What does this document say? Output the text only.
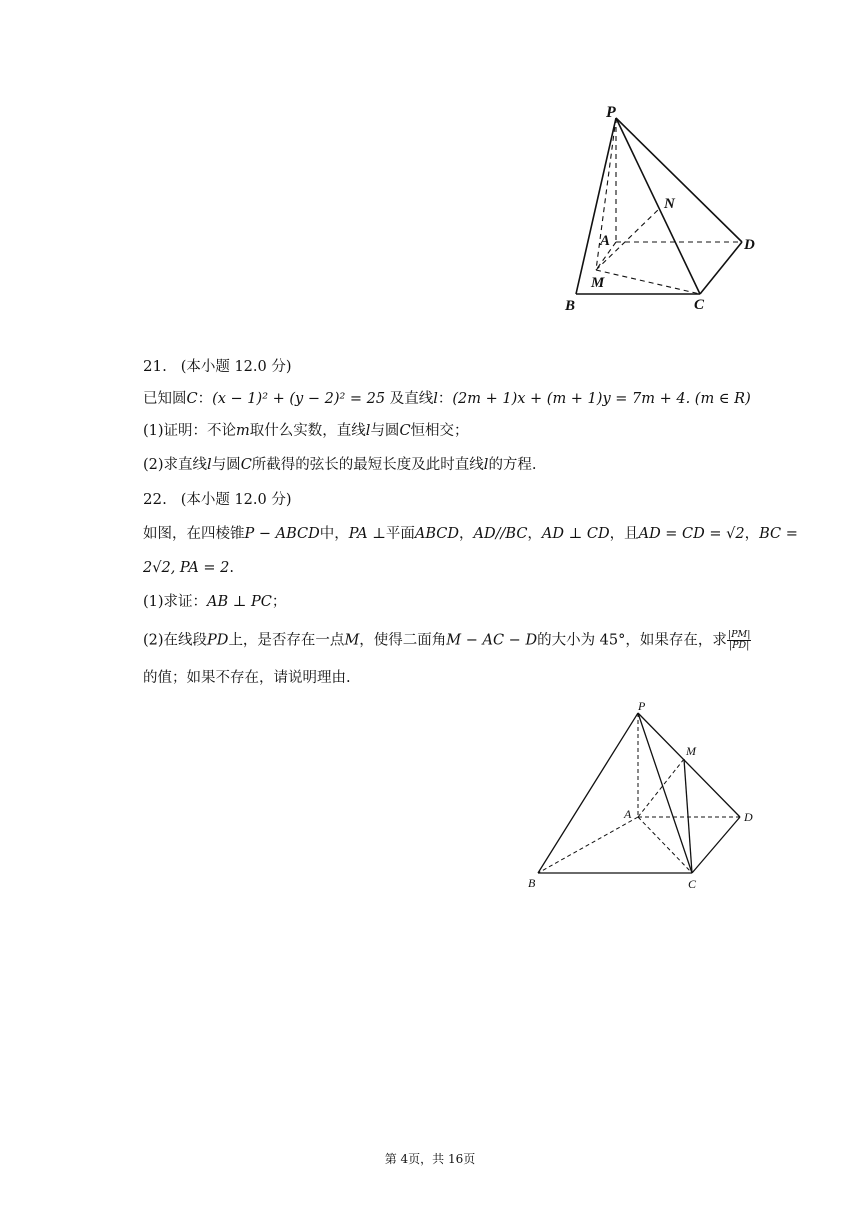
P
N
A	D
M
B	C
21. (本小题 12.0 分)
已知圆C：(x − 1)² + (y − 2)² = 25 及直线l：(2m + 1)x + (m + 1)y = 7m + 4. (m ∈ R)
(1)证明：不论m取什么实数，直线l与圆C恒相交；
(2)求直线l与圆C所截得的弦长的最短长度及此时直线l的方程.
22. (本小题 12.0 分)
如图，在四棱锥P − ABCD中，PA ⊥平面ABCD，AD//BC，AD ⊥ CD，且AD = CD = √2，BC =
2√2, PA = 2.
(1)求证：AB ⊥ PC；
(2)在线段PD上，是否存在一点M，使得二面角M − AC − D的大小为 45°，如果存在，求 $\frac{|PM|}{|PD|}$
的值；如果不存在，请说明理由.
P
M
A	D
B	C
第 4页，共 16页
